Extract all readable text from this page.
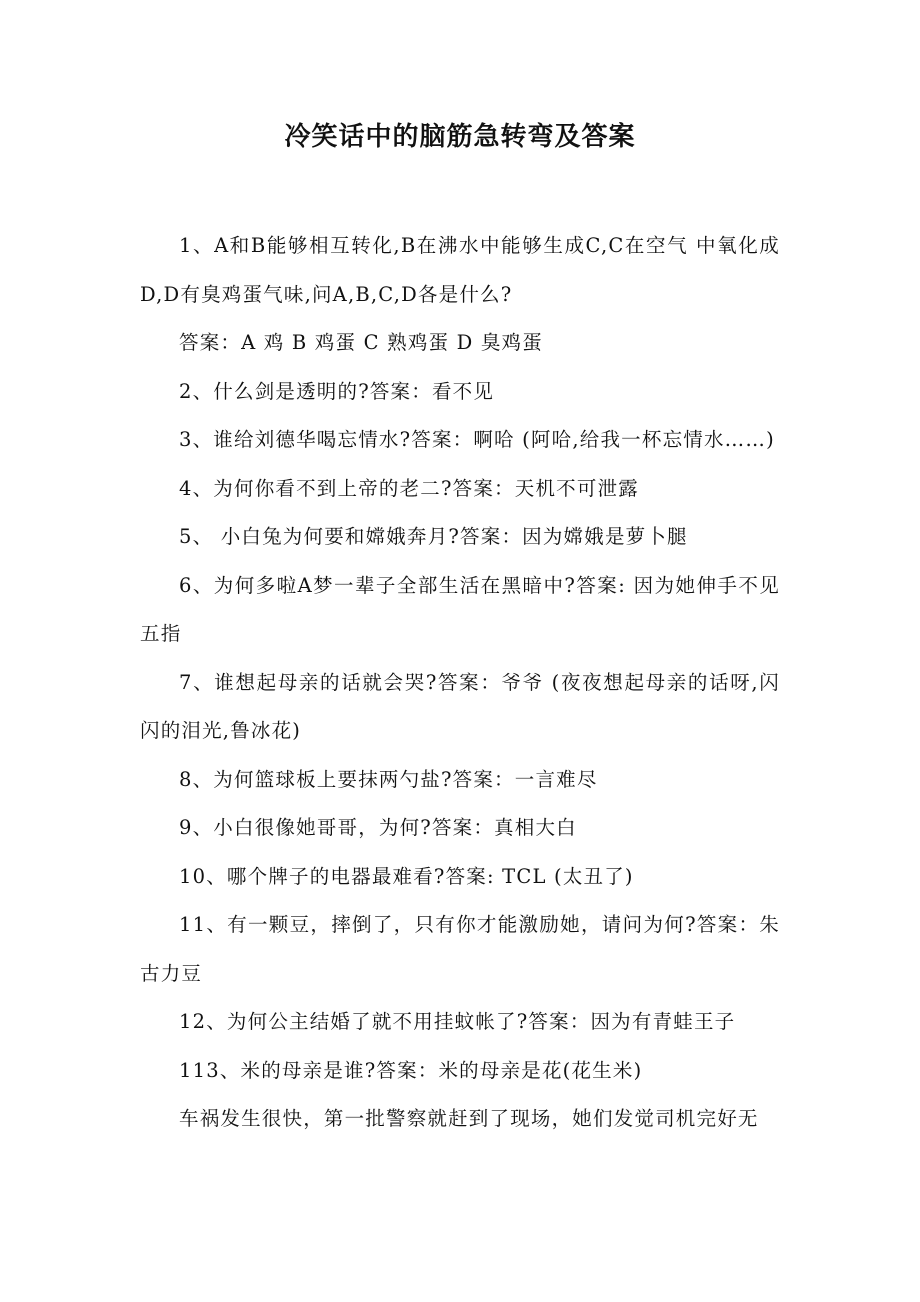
冷笑话中的脑筋急转弯及答案

1、A和B能够相互转化,B在沸水中能够生成C,C在空气 中氧化成D,D有臭鸡蛋气味,问A,B,C,D各是什么?

答案：A 鸡 B 鸡蛋 C 熟鸡蛋 D 臭鸡蛋

2、什么剑是透明的?答案：看不见

3、谁给刘德华喝忘情水?答案：啊哈 (阿哈,给我一杯忘情水……)

4、为何你看不到上帝的老二?答案：天机不可泄露

5、 小白兔为何要和嫦娥奔月?答案：因为嫦娥是萝卜腿

6、为何多啦A梦一辈子全部生活在黑暗中?答案: 因为她伸手不见五指

7、谁想起母亲的话就会哭?答案：爷爷 (夜夜想起母亲的话呀,闪闪的泪光,鲁冰花)

8、为何篮球板上要抹两勺盐?答案：一言难尽

9、小白很像她哥哥，为何?答案：真相大白

10、哪个牌子的电器最难看?答案: TCL (太丑了)

11、有一颗豆，摔倒了，只有你才能激励她，请问为何?答案：朱古力豆

12、为何公主结婚了就不用挂蚊帐了?答案：因为有青蛙王子

113、米的母亲是谁?答案：米的母亲是花(花生米)

车祸发生很快，第一批警察就赶到了现场，她们发觉司机完好无
